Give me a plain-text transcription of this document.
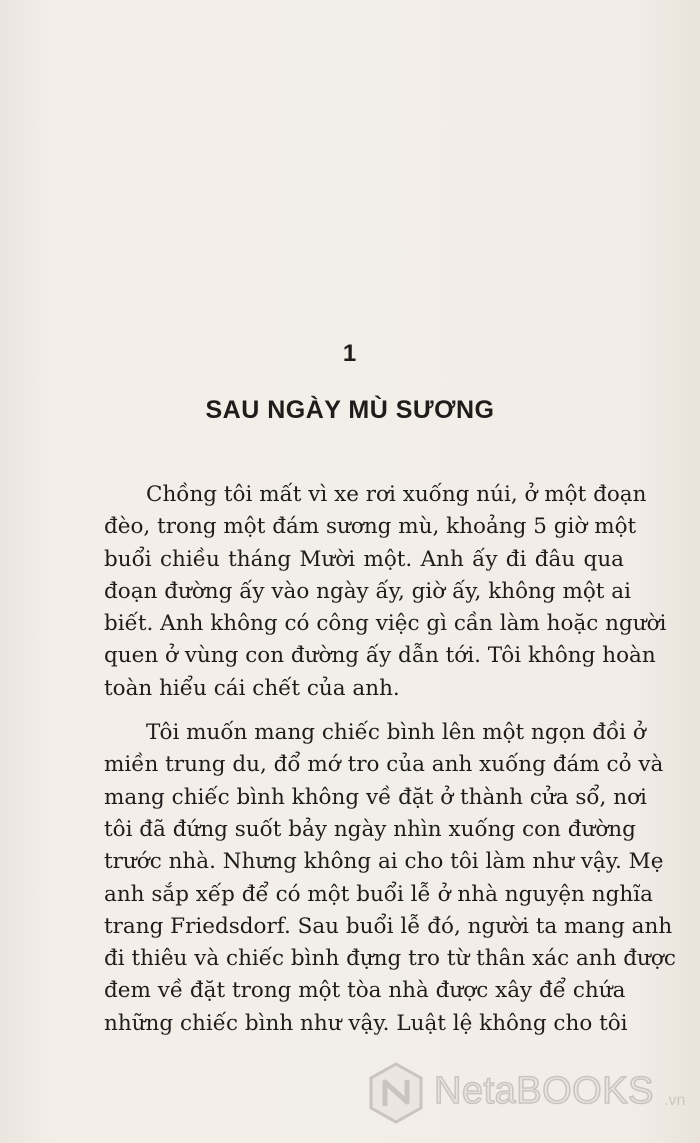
1
SAU NGÀY MÙ SƯƠNG
Chồng tôi mất vì xe rơi xuống núi, ở một đoạn
đèo, trong một đám sương mù, khoảng 5 giờ một
buổi chiều tháng Mười một. Anh ấy đi đâu qua
đoạn đường ấy vào ngày ấy, giờ ấy, không một ai
biết. Anh không có công việc gì cần làm hoặc người
quen ở vùng con đường ấy dẫn tới. Tôi không hoàn
toàn hiểu cái chết của anh.
Tôi muốn mang chiếc bình lên một ngọn đồi ở
miền trung du, đổ mớ tro của anh xuống đám cỏ và
mang chiếc bình không về đặt ở thành cửa sổ, nơi
tôi đã đứng suốt bảy ngày nhìn xuống con đường
trước nhà. Nhưng không ai cho tôi làm như vậy. Mẹ
anh sắp xếp để có một buổi lễ ở nhà nguyện nghĩa
trang Friedsdorf. Sau buổi lễ đó, người ta mang anh
đi thiêu và chiếc bình đựng tro từ thân xác anh được
đem về đặt trong một tòa nhà được xây để chứa
những chiếc bình như vậy. Luật lệ không cho tôi
NetaBOOKS .vn
